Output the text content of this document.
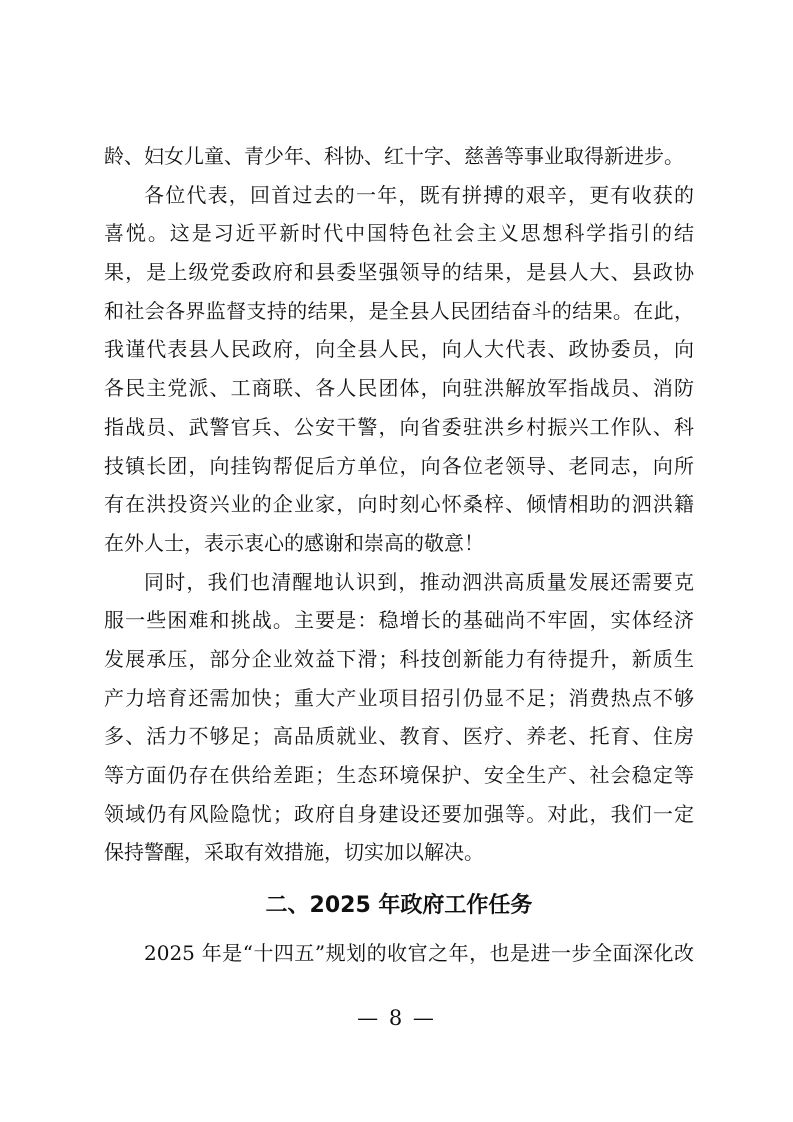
龄、妇女儿童、青少年、科协、红十字、慈善等事业取得新进步。
各位代表，回首过去的一年，既有拼搏的艰辛，更有收获的
喜悦。这是习近平新时代中国特色社会主义思想科学指引的结
果，是上级党委政府和县委坚强领导的结果，是县人大、县政协
和社会各界监督支持的结果，是全县人民团结奋斗的结果。在此，
我谨代表县人民政府，向全县人民，向人大代表、政协委员，向
各民主党派、工商联、各人民团体，向驻洪解放军指战员、消防
指战员、武警官兵、公安干警，向省委驻洪乡村振兴工作队、科
技镇长团，向挂钩帮促后方单位，向各位老领导、老同志，向所
有在洪投资兴业的企业家，向时刻心怀桑梓、倾情相助的泗洪籍
在外人士，表示衷心的感谢和崇高的敬意！
同时，我们也清醒地认识到，推动泗洪高质量发展还需要克
服一些困难和挑战。主要是：稳增长的基础尚不牢固，实体经济
发展承压，部分企业效益下滑；科技创新能力有待提升，新质生
产力培育还需加快；重大产业项目招引仍显不足；消费热点不够
多、活力不够足；高品质就业、教育、医疗、养老、托育、住房
等方面仍存在供给差距；生态环境保护、安全生产、社会稳定等
领域仍有风险隐忧；政府自身建设还要加强等。对此，我们一定
保持警醒，采取有效措施，切实加以解决。
二、2025 年政府工作任务
2025 年是“十四五”规划的收官之年，也是进一步全面深化改
— 8 —
